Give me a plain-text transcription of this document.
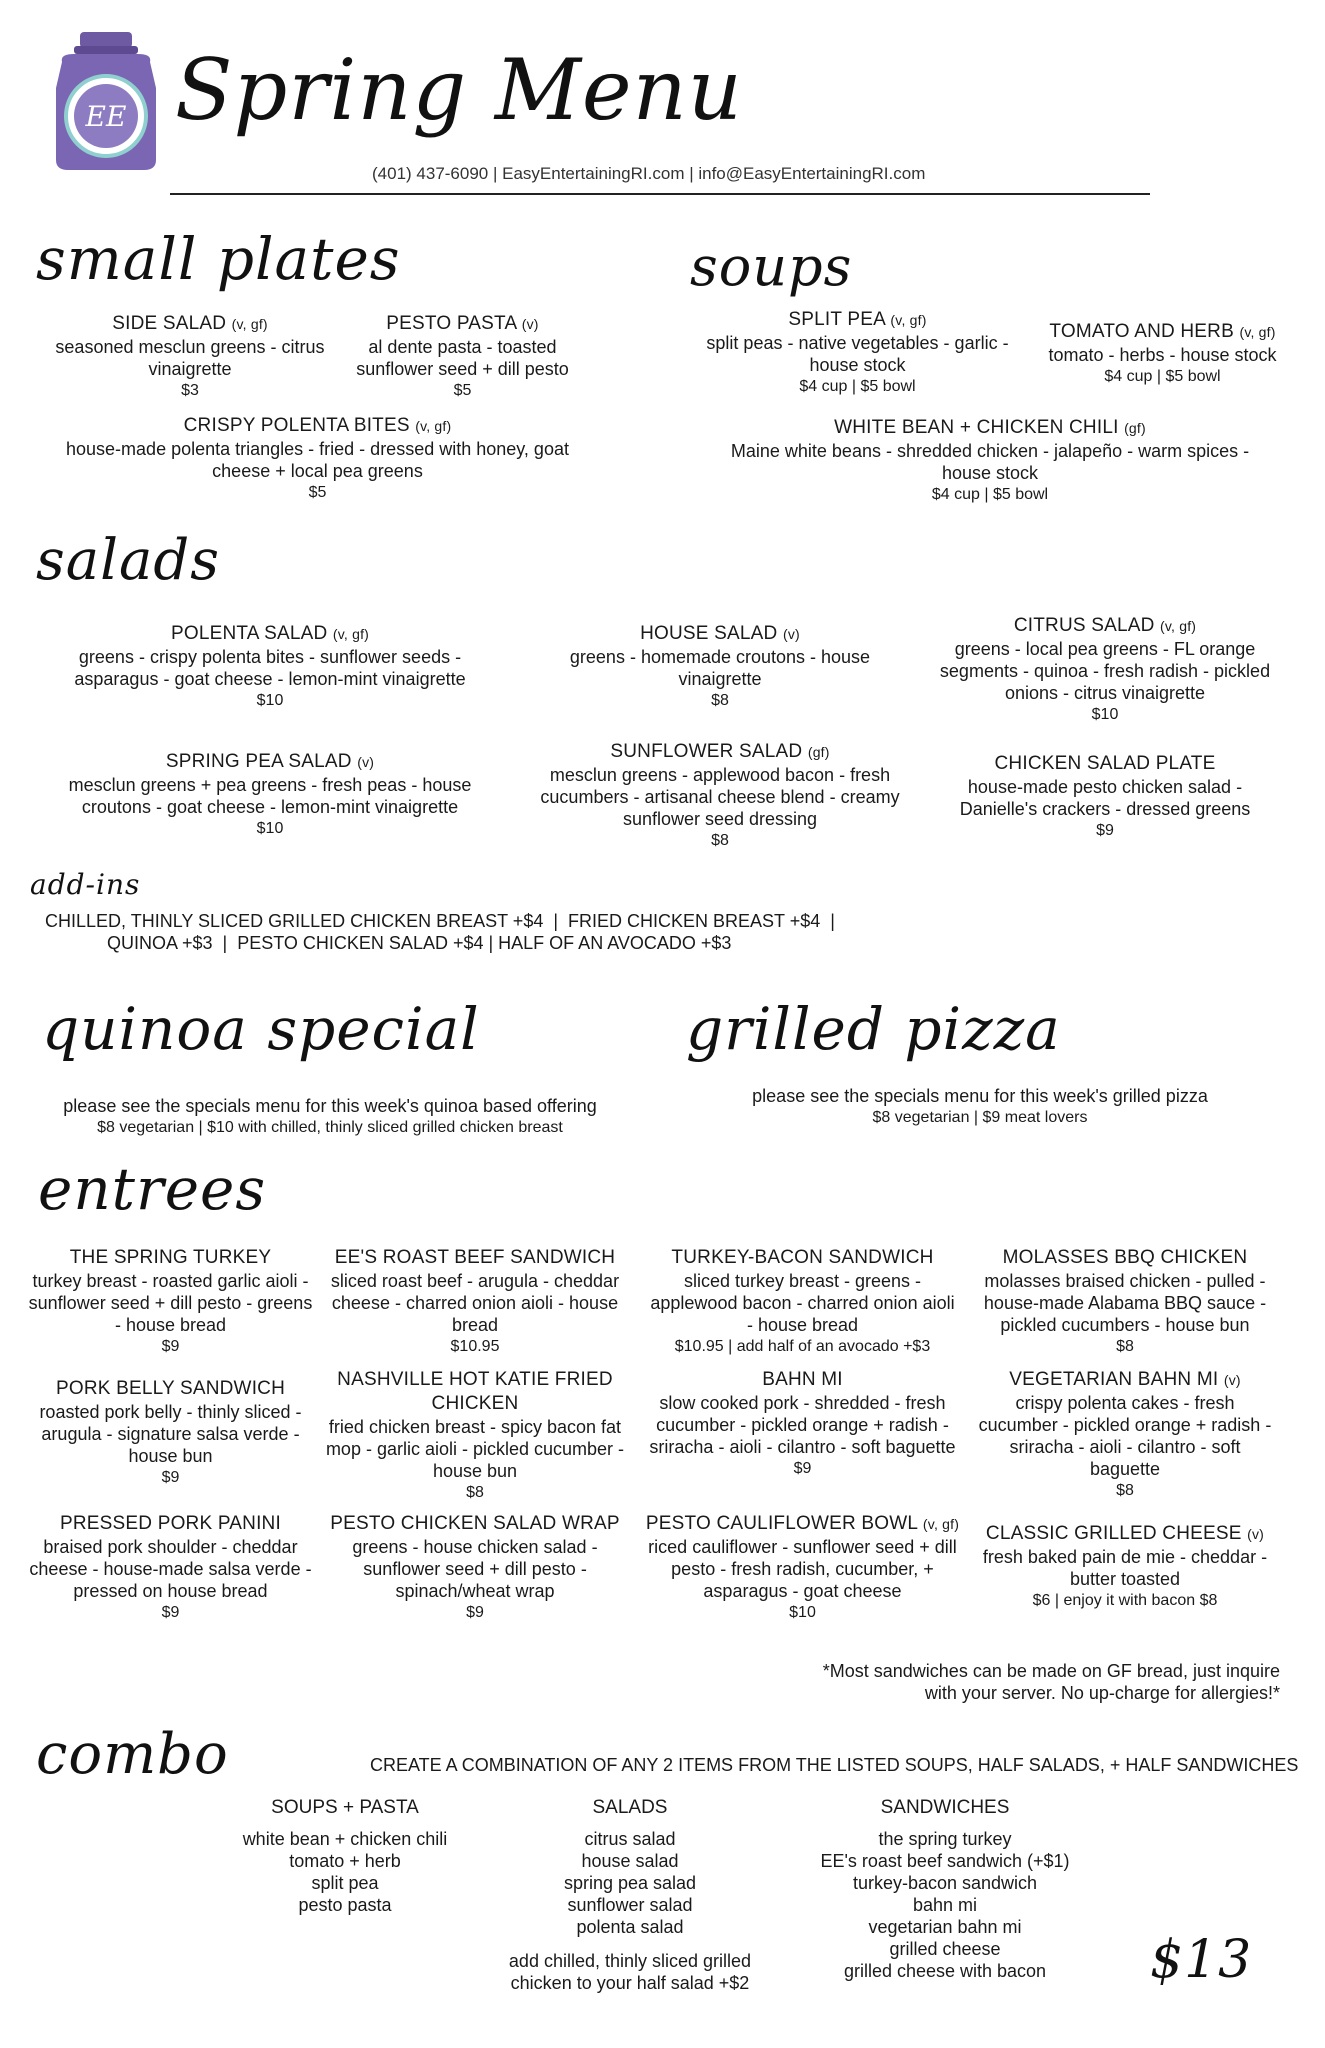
EE Spring Menu
(401) 437-6090 | EasyEntertainingRI.com | info@EasyEntertainingRI.com
small plates
SIDE SALAD (v, gf)
seasoned mesclun greens - citrus vinaigrette
$3
PESTO PASTA (v)
al dente pasta - toasted sunflower seed + dill pesto
$5
CRISPY POLENTA BITES (v, gf)
house-made polenta triangles - fried - dressed with honey, goat cheese + local pea greens
$5
soups
SPLIT PEA (v, gf)
split peas - native vegetables - garlic - house stock
$4 cup | $5 bowl
TOMATO AND HERB (v, gf)
tomato - herbs - house stock
$4 cup | $5 bowl
WHITE BEAN + CHICKEN CHILI (gf)
Maine white beans - shredded chicken - jalapeño - warm spices - house stock
$4 cup | $5 bowl
salads
POLENTA SALAD (v, gf)
greens - crispy polenta bites - sunflower seeds - asparagus - goat cheese - lemon-mint vinaigrette
$10
HOUSE SALAD (v)
greens - homemade croutons - house vinaigrette
$8
CITRUS SALAD (v, gf)
greens - local pea greens - FL orange segments - quinoa - fresh radish - pickled onions - citrus vinaigrette
$10
SPRING PEA SALAD (v)
mesclun greens + pea greens - fresh peas - house croutons - goat cheese - lemon-mint vinaigrette
$10
SUNFLOWER SALAD (gf)
mesclun greens - applewood bacon - fresh cucumbers - artisanal cheese blend - creamy sunflower seed dressing
$8
CHICKEN SALAD PLATE
house-made pesto chicken salad - Danielle's crackers - dressed greens
$9
add-ins
CHILLED, THINLY SLICED GRILLED CHICKEN BREAST +$4  |  FRIED CHICKEN BREAST +$4  |
QUINOA +$3  |  PESTO CHICKEN SALAD +$4 | HALF OF AN AVOCADO +$3
quinoa special
please see the specials menu for this week's quinoa based offering
$8 vegetarian | $10 with chilled, thinly sliced grilled chicken breast
grilled pizza
please see the specials menu for this week's grilled pizza
$8 vegetarian | $9 meat lovers
entrees
THE SPRING TURKEY
turkey breast - roasted garlic aioli - sunflower seed + dill pesto - greens - house bread
$9
EE'S ROAST BEEF SANDWICH
sliced roast beef - arugula - cheddar cheese - charred onion aioli - house bread
$10.95
TURKEY-BACON SANDWICH
sliced turkey breast - greens - applewood bacon - charred onion aioli - house bread
$10.95 | add half of an avocado +$3
MOLASSES BBQ CHICKEN
molasses braised chicken - pulled - house-made Alabama BBQ sauce - pickled cucumbers - house bun
$8
PORK BELLY SANDWICH
roasted pork belly - thinly sliced - arugula - signature salsa verde - house bun
$9
NASHVILLE HOT KATIE FRIED CHICKEN
fried chicken breast - spicy bacon fat mop - garlic aioli - pickled cucumber - house bun
$8
BAHN MI
slow cooked pork - shredded - fresh cucumber - pickled orange + radish - sriracha - aioli - cilantro - soft baguette
$9
VEGETARIAN BAHN MI (v)
crispy polenta cakes - fresh cucumber - pickled orange + radish - sriracha - aioli - cilantro - soft baguette
$8
PRESSED PORK PANINI
braised pork shoulder - cheddar cheese - house-made salsa verde - pressed on house bread
$9
PESTO CHICKEN SALAD WRAP
greens - house chicken salad - sunflower seed + dill pesto - spinach/wheat wrap
$9
PESTO CAULIFLOWER BOWL (v, gf)
riced cauliflower - sunflower seed + dill pesto - fresh radish, cucumber, + asparagus - goat cheese
$10
CLASSIC GRILLED CHEESE (v)
fresh baked pain de mie - cheddar - butter toasted
$6 | enjoy it with bacon $8
*Most sandwiches can be made on GF bread, just inquire
with your server. No up-charge for allergies!*
combo	CREATE A COMBINATION OF ANY 2 ITEMS FROM THE LISTED SOUPS, HALF SALADS, + HALF SANDWICHES
SOUPS + PASTA
white bean + chicken chili
tomato + herb
split pea
pesto pasta
SALADS
citrus salad
house salad
spring pea salad
sunflower salad
polenta salad
add chilled, thinly sliced grilled chicken to your half salad +$2
SANDWICHES
the spring turkey
EE's roast beef sandwich (+$1)
turkey-bacon sandwich
bahn mi
vegetarian bahn mi
grilled cheese
grilled cheese with bacon	$13
